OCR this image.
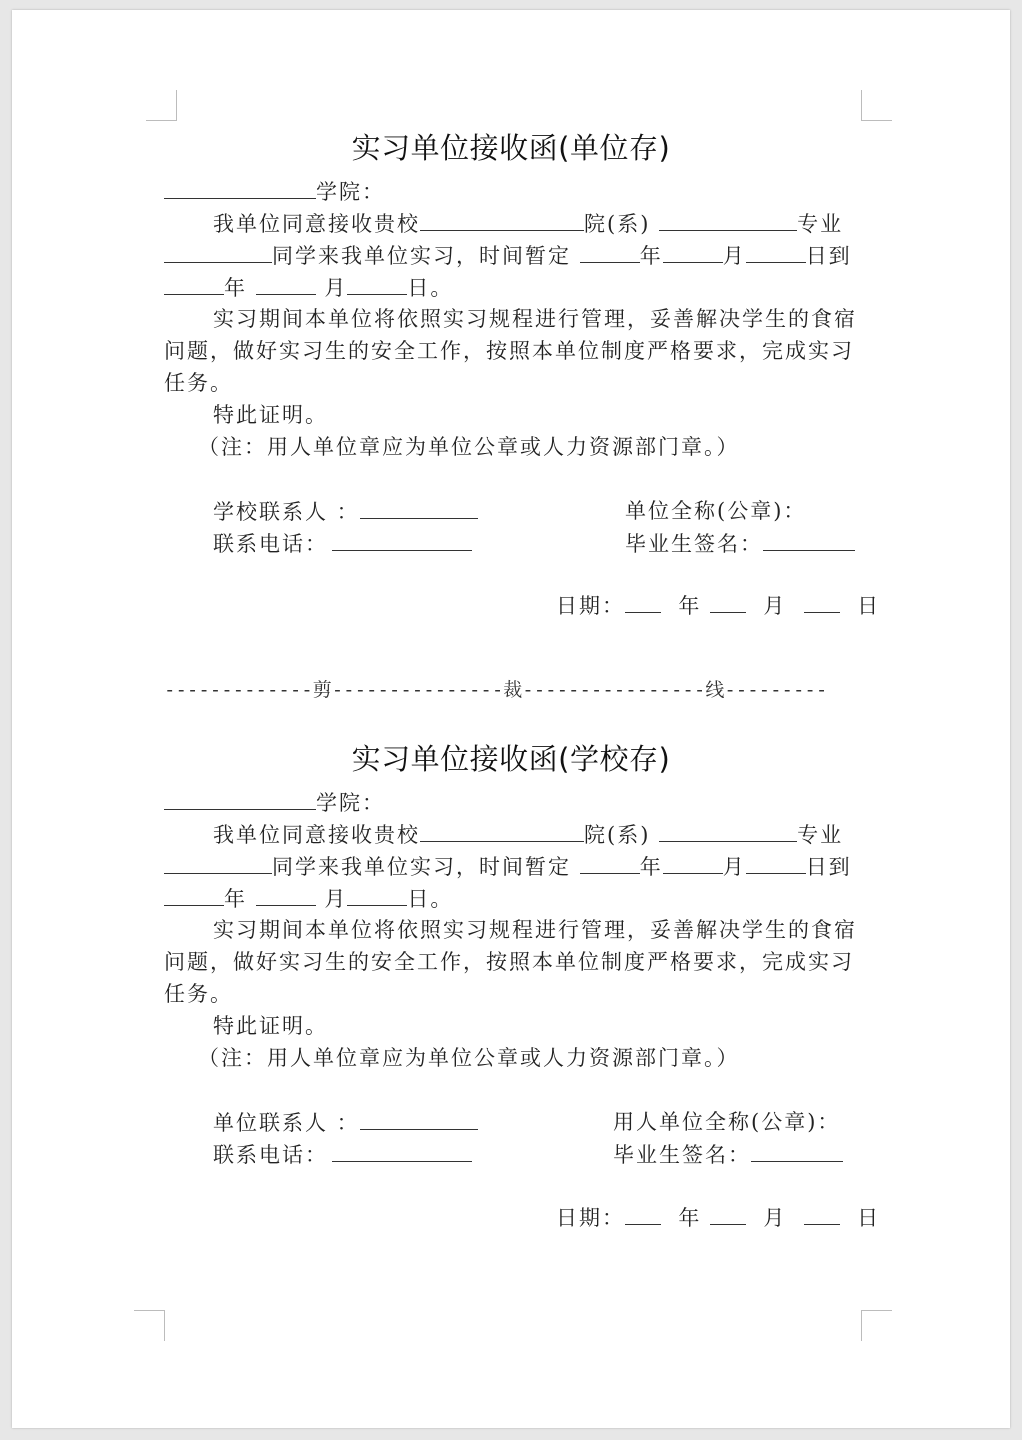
实习单位接收函(单位存)
学院：
我单位同意接收贵校	院(系)	专业
同学来我单位实习，时间暂定	年	月	日到
年	月	日。
实习期间本单位将依照实习规程进行管理，妥善解决学生的食宿
问题，做好实习生的安全工作，按照本单位制度严格要求，完成实习
任务。
特此证明。
（注：用人单位章应为单位公章或人力资源部门章。）
学校联系人 ：	单位全称(公章)：
联系电话：	毕业生签名：
日期：	年	月	日
-------------剪---------------裁----------------线---------
实习单位接收函(学校存)
学院：
我单位同意接收贵校	院(系)	专业
同学来我单位实习，时间暂定	年	月	日到
年	月	日。
实习期间本单位将依照实习规程进行管理，妥善解决学生的食宿
问题，做好实习生的安全工作，按照本单位制度严格要求，完成实习
任务。
特此证明。
（注：用人单位章应为单位公章或人力资源部门章。）
单位联系人 ：	用人单位全称(公章)：
联系电话：	毕业生签名：
日期：	年	月	日
